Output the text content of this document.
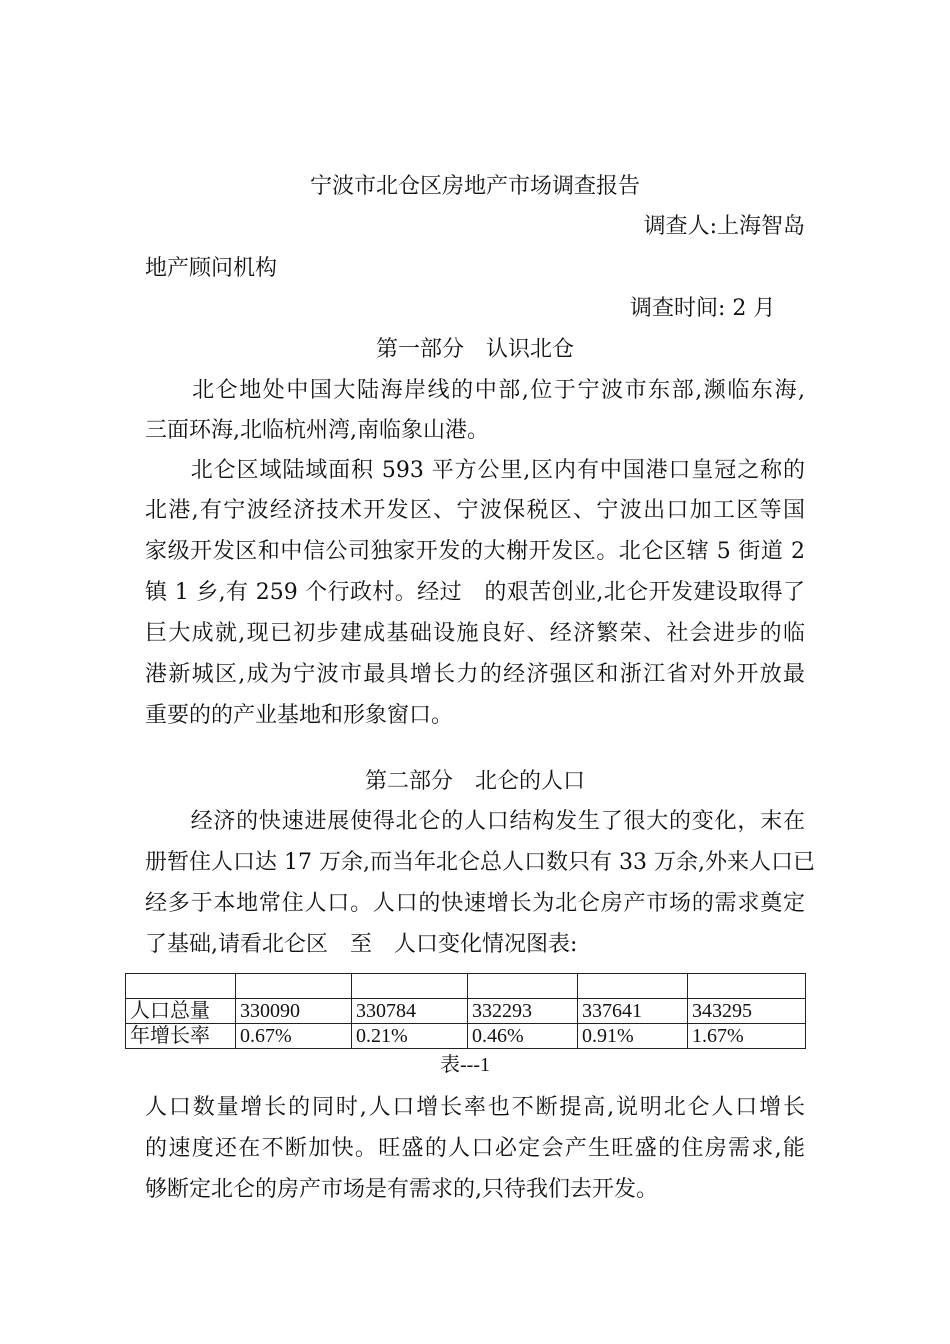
宁波市北仓区房地产市场调查报告
调查人:上海智岛
地产顾问机构
调查时间: 2 月
第一部分　认识北仓
　　北仑地处中国大陆海岸线的中部,位于宁波市东部,濒临东海,
三面环海,北临杭州湾,南临象山港。
　　北仑区域陆域面积 593 平方公里,区内有中国港口皇冠之称的
北港,有宁波经济技术开发区、宁波保税区、宁波出口加工区等国
家级开发区和中信公司独家开发的大榭开发区。北仑区辖 5 街道 2
镇 1 乡,有 259 个行政村。经过　的艰苦创业,北仑开发建设取得了
巨大成就,现已初步建成基础设施良好、经济繁荣、社会进步的临
港新城区,成为宁波市最具增长力的经济强区和浙江省对外开放最
重要的的产业基地和形象窗口。
第二部分　北仑的人口
　　经济的快速进展使得北仑的人口结构发生了很大的变化，末在
册暂住人口达 17 万余,而当年北仑总人口数只有 33 万余,外来人口已
经多于本地常住人口。人口的快速增长为北仑房产市场的需求奠定
了基础,请看北仑区　至　人口变化情况图表:

人口总量	330090	330784	332293	337641	343295
年增长率	0.67%	0.21%	0.46%	0.91%	1.67%
表---1
人口数量增长的同时,人口增长率也不断提高,说明北仑人口增长
的速度还在不断加快。旺盛的人口必定会产生旺盛的住房需求,能
够断定北仑的房产市场是有需求的,只待我们去开发。
